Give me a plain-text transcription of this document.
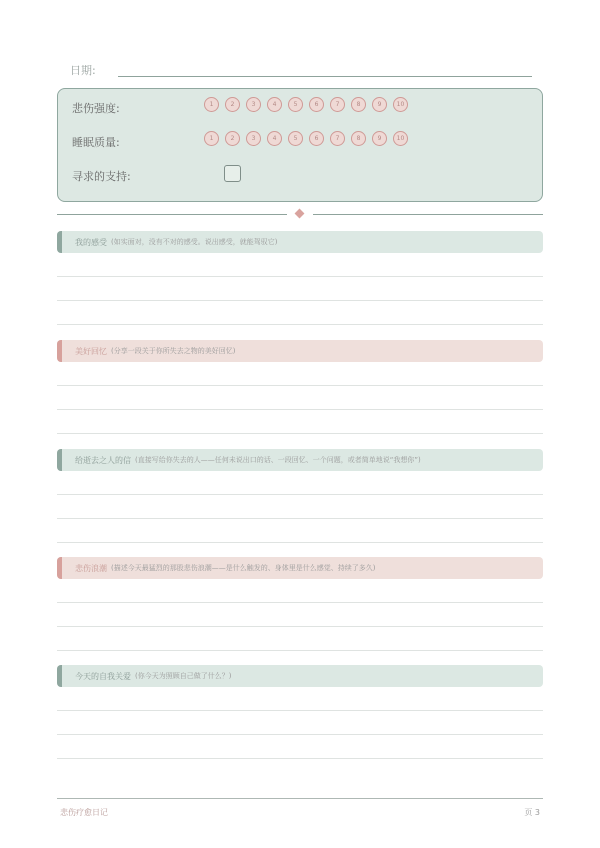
日期:
悲伤强度:	1	2	3	4	5	6	7	8	9	10
睡眠质量:	1	2	3	4	5	6	7	8	9	10
寻求的支持:
我的感受 (如实面对，没有不对的感受。说出感受，就能驾驭它)
美好回忆 (分享一段关于你所失去之物的美好回忆)
给逝去之人的信 (直接写给你失去的人——任何未说出口的话、一段回忆、一个问题，或者简单地说“我想你”)
悲伤浪潮 (描述今天最猛烈的那股悲伤浪潮——是什么触发的、身体里是什么感觉、持续了多久)
今天的自我关爱 (你今天为照顾自己做了什么？)
悲伤疗愈日记	页 3
